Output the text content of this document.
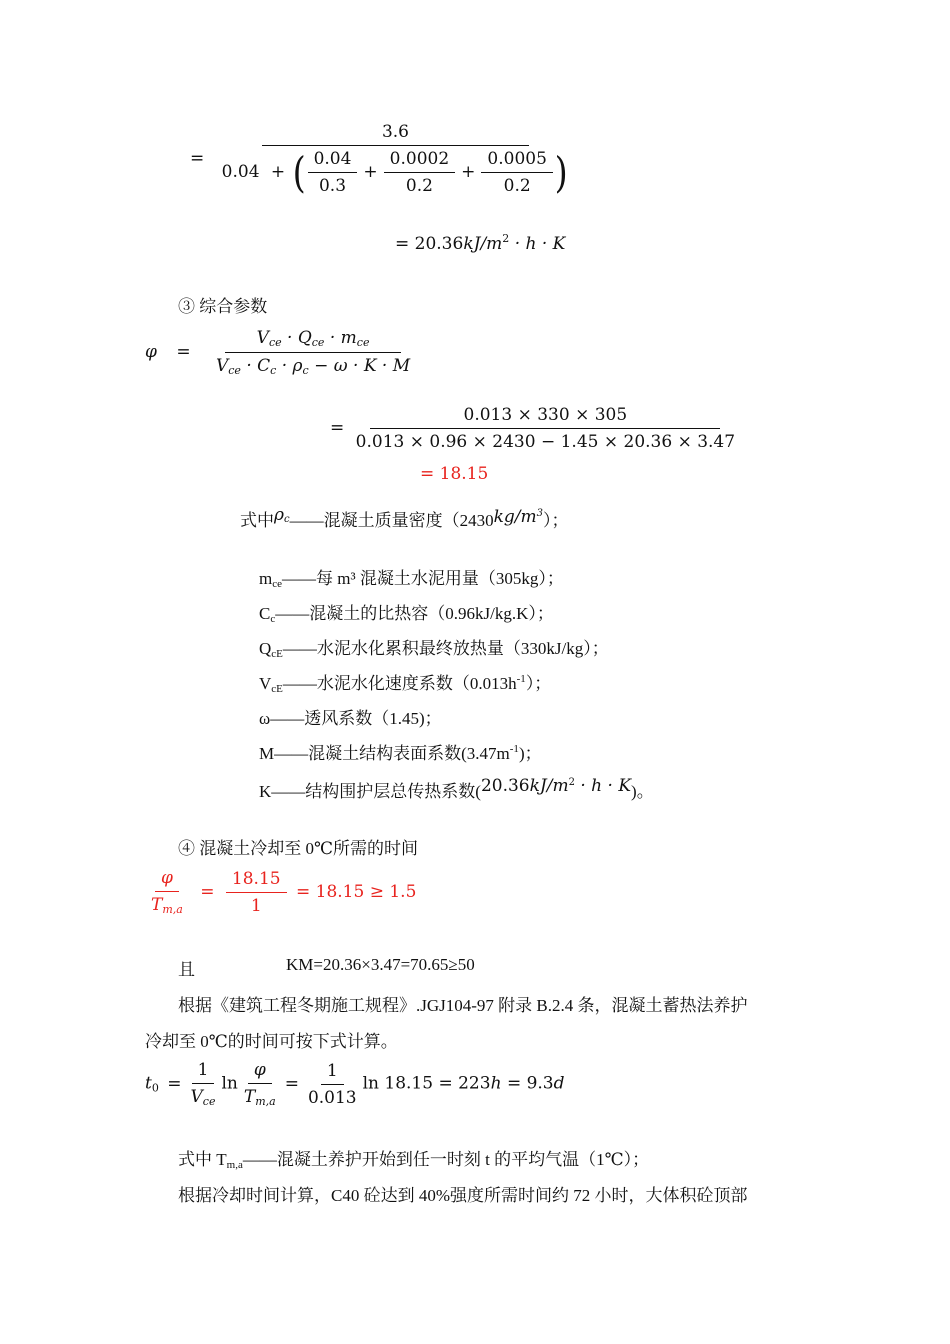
= $\frac{3.6}{0.04 + ( \frac{0.04}{0.3} + \frac{0.0002}{0.2} + \frac{0.0005}{0.2} )}$
= $20.36kJ/m^2 \cdot h \cdot K$
③ 综合参数
$\varphi = \frac{V_{ce} \cdot Q_{ce} \cdot m_{ce}}{V_{ce} \cdot C_c \cdot \rho_c - \omega \cdot K \cdot M}$
= $\frac{0.013 \times 330 \times 305}{0.013 \times 0.96 \times 2430 - 1.45 \times 20.36 \times 3.47}$
= 18.15
式中ρc——混凝土质量密度$(2430kg/m^3)$；
$m_{ce}——$每 m³ 混凝土水泥用量（305kg）；
$C_c——$混凝土的比热容（0.96kJ/kg.K）；
$Q_{cE}——$水泥水化累积最终放热量（330kJ/kg）；
$V_{cE}——$水泥水化速度系数$(0.013h^{-1})$；
ω——透风系数（1.45)；
M——混凝土结构表面系数$(3.47m^{-1})$；
K——结构围护层总传热系数$(20.36kJ/m^2 \cdot h \cdot K)$。
④ 混凝土冷却至 0℃所需的时间
$\frac{\varphi}{T_{m,a}} = \frac{18.15}{1} = 18.15 \ge 1.5$
且	KM=20.36×3.47=70.65≥50
根据《建筑工程冬期施工规程》.JGJ104-97 附录 B.2.4 条，混凝土蓄热法养护
冷却至 0℃的时间可按下式计算。
$t_0 = \frac{1}{V_{ce}}$ $\ln \frac{\varphi}{T_{m,a}} = \frac{1}{0.013}$ ln 18.15 = 223h = 9.3d
式中 $T_{m,a}——$混凝土养护开始到任一时刻 t 的平均气温（1℃）；
根据冷却时间计算，C40 砼达到 40%强度所需时间约 72 小时，大体积砼顶部
